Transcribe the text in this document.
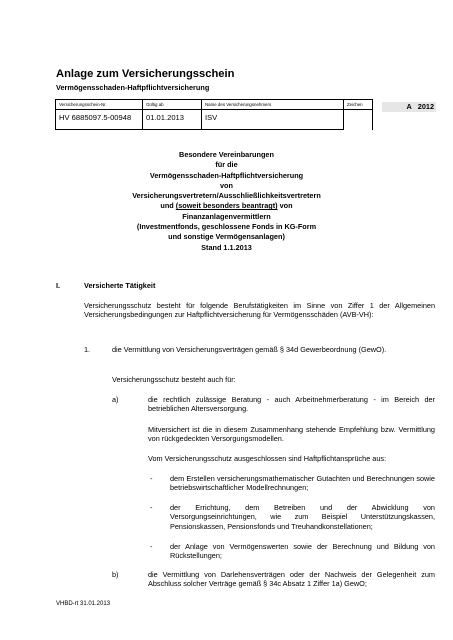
Anlage zum Versicherungsschein
Vermögensschaden-Haftpflichtversicherung
Versicherungsschein-Nr.	Gültig ab	Name des Versicherungsnehmers	Zeichen
HV 6885097.5-00948	01.01.2013	ISV	
A 2012
Besondere Vereinbarungen
für die
Vermögensschaden-Haftpflichtversicherung
von
Versicherungsvertretern/Ausschließlichkeitsvertretern
und (soweit besonders beantragt) von
Finanzanlagenvermittlern
(Investmentfonds, geschlossene Fonds in KG-Form
und sonstige Vermögensanlagen)
Stand 1.1.2013
I.	Versicherte Tätigkeit
Versicherungsschutz besteht für folgende Berufstätigkeiten im Sinne von Ziffer 1 der Allgemeinen Versicherungsbedingungen zur Haftpflichtversicherung für Vermögensschäden (AVB-VH):
1.	die Vermittlung von Versicherungsverträgen gemäß § 34d Gewerbeordnung (GewO).
Versicherungsschutz besteht auch für:
a)	die rechtlich zulässige Beratung - auch Arbeitnehmerberatung - im Bereich der betrieblichen Altersversorgung.
Mitversichert ist die in diesem Zusammenhang stehende Empfehlung bzw. Vermittlung von rückgedeckten Versorgungsmodellen.
Vom Versicherungsschutz ausgeschlossen sind Haftpflichtansprüche aus:
- dem Erstellen versicherungsmathematischer Gutachten und Berechnungen sowie betriebswirtschaftlicher Modellrechnungen;
- der Errichtung, dem Betreiben und der Abwicklung von Versorgungseinrichtungen, wie zum Beispiel Unterstützungskassen, Pensionskassen, Pensionsfonds und Treuhandkonstellationen;
- der Anlage von Vermögenswerten sowie der Berechnung und Bildung von Rückstellungen;
b)	die Vermittlung von Darlehensverträgen oder der Nachweis der Gelegenheit zum Abschluss solcher Verträge gemäß § 34c Absatz 1 Ziffer 1a) GewO;
VHBD-rt 31.01.2013
